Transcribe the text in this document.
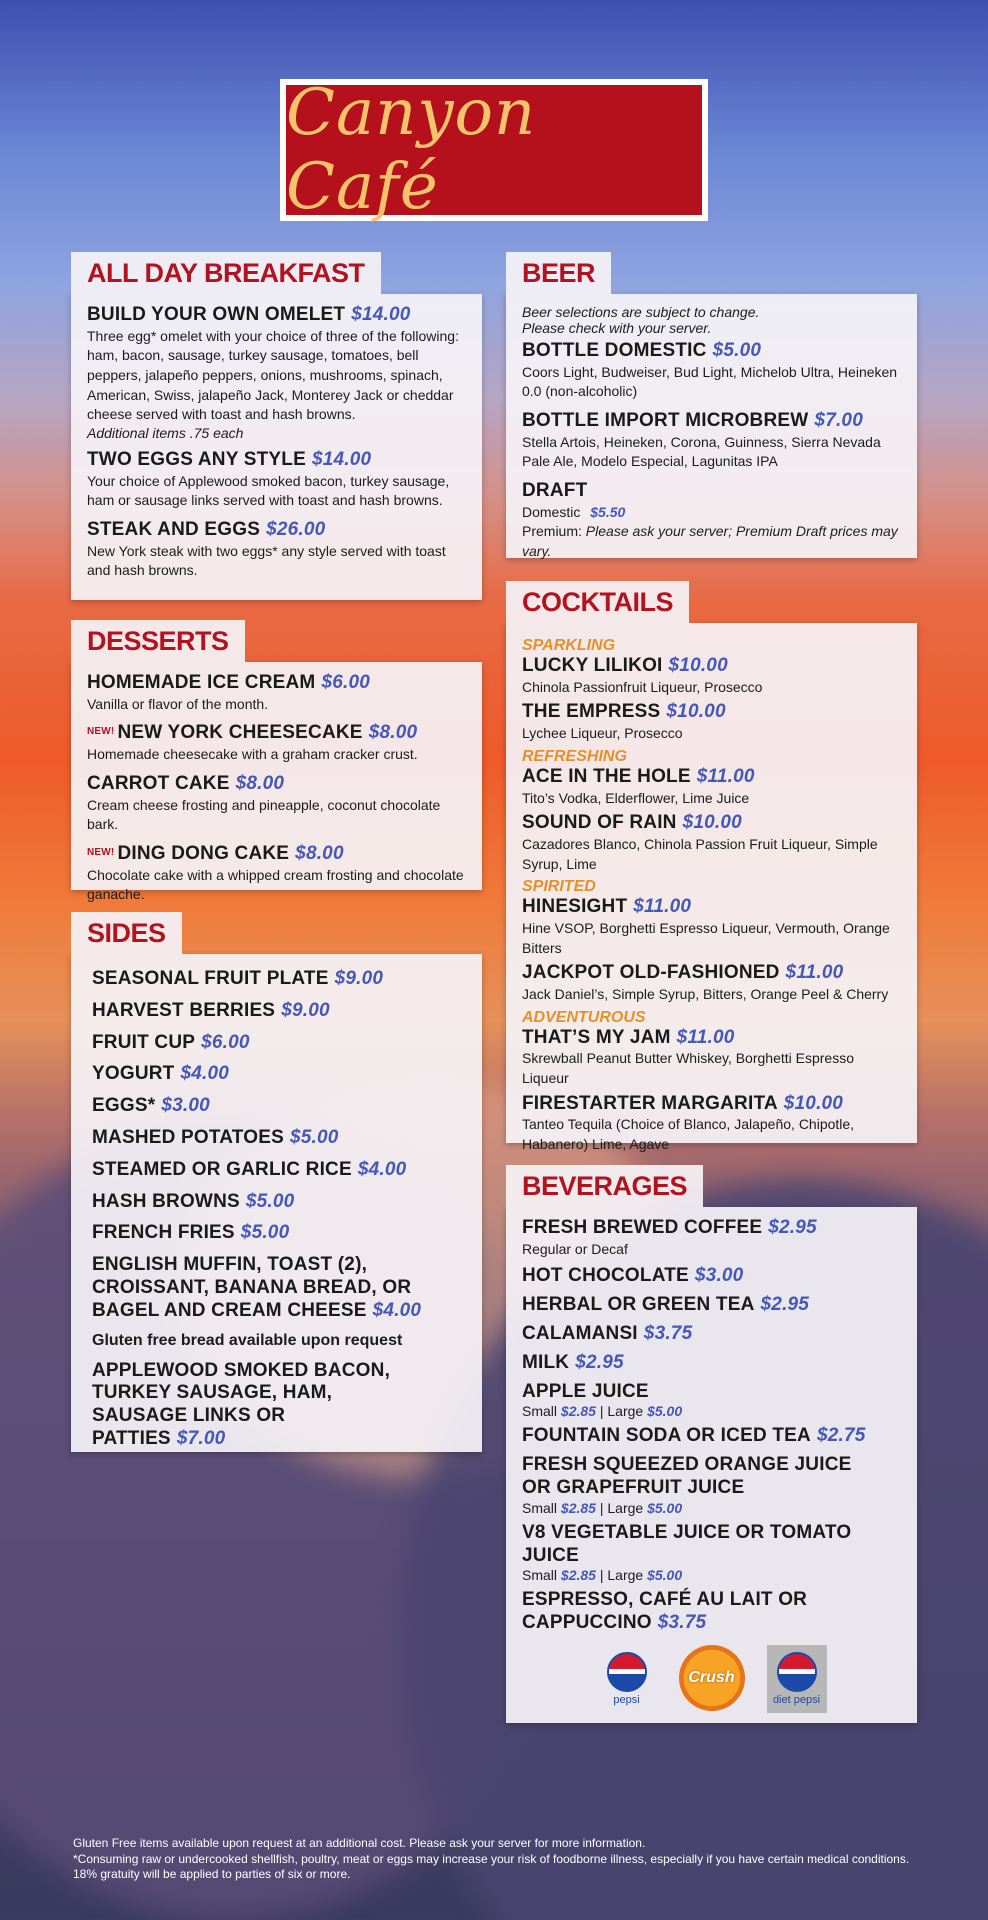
Canyon Café
ALL DAY BREAKFAST
BUILD YOUR OWN OMELET $14.00
Three egg* omelet with your choice of three of the following: ham, bacon, sausage, turkey sausage, tomatoes, bell peppers, jalapeño peppers, onions, mushrooms, spinach, American, Swiss, jalapeño Jack, Monterey Jack or cheddar cheese served with toast and hash browns.
Additional items .75 each
TWO EGGS ANY STYLE $14.00
Your choice of Applewood smoked bacon, turkey sausage, ham or sausage links served with toast and hash browns.
STEAK AND EGGS $26.00
New York steak with two eggs* any style served with toast and hash browns.
DESSERTS
HOMEMADE ICE CREAM $6.00
Vanilla or flavor of the month.
$^{NEW!}$ NEW YORK CHEESECAKE $8.00
Homemade cheesecake with a graham cracker crust.
CARROT CAKE $8.00
Cream cheese frosting and pineapple, coconut chocolate bark.
$^{NEW!}$ DING DONG CAKE $8.00
Chocolate cake with a whipped cream frosting and chocolate ganache.
SIDES
SEASONAL FRUIT PLATE $9.00
HARVEST BERRIES $9.00
FRUIT CUP $6.00
YOGURT $4.00
EGGS* $3.00
MASHED POTATOES $5.00
STEAMED OR GARLIC RICE $4.00
HASH BROWNS $5.00
FRENCH FRIES $5.00
ENGLISH MUFFIN, TOAST (2), CROISSANT, BANANA BREAD, OR BAGEL AND CREAM CHEESE $4.00
Gluten free bread available upon request
APPLEWOOD SMOKED BACON, TURKEY SAUSAGE, HAM, SAUSAGE LINKS OR PATTIES $7.00
BEER
Beer selections are subject to change.
Please check with your server.
BOTTLE DOMESTIC $5.00
Coors Light, Budweiser, Bud Light, Michelob Ultra, Heineken 0.0 (non-alcoholic)
BOTTLE IMPORT MICROBREW $7.00
Stella Artois, Heineken, Corona, Guinness, Sierra Nevada Pale Ale, Modelo Especial, Lagunitas IPA
DRAFT
Domestic $5.50
Premium: Please ask your server; Premium Draft prices may vary.
COCKTAILS
SPARKLING
LUCKY LILIKOI $10.00
Chinola Passionfruit Liqueur, Prosecco
THE EMPRESS $10.00
Lychee Liqueur, Prosecco
REFRESHING
ACE IN THE HOLE $11.00
Tito’s Vodka, Elderflower, Lime Juice
SOUND OF RAIN $10.00
Cazadores Blanco, Chinola Passion Fruit Liqueur, Simple Syrup, Lime
SPIRITED
HINESIGHT $11.00
Hine VSOP, Borghetti Espresso Liqueur, Vermouth, Orange Bitters
JACKPOT OLD-FASHIONED $11.00
Jack Daniel’s, Simple Syrup, Bitters, Orange Peel & Cherry
ADVENTUROUS
THAT’S MY JAM $11.00
Skrewball Peanut Butter Whiskey, Borghetti Espresso Liqueur
FIRESTARTER MARGARITA $10.00
Tanteo Tequila (Choice of Blanco, Jalapeño, Chipotle, Habanero) Lime, Agave
BEVERAGES
FRESH BREWED COFFEE $2.95
Regular or Decaf
HOT CHOCOLATE $3.00
HERBAL OR GREEN TEA $2.95
CALAMANSI $3.75
MILK $2.95
APPLE JUICE
Small $2.85 | Large $5.00
FOUNTAIN SODA OR ICED TEA $2.75
FRESH SQUEEZED ORANGE JUICE OR GRAPEFRUIT JUICE
Small $2.85 | Large $5.00
V8 VEGETABLE JUICE OR TOMATO JUICE
Small $2.85 | Large $5.00
ESPRESSO, CAFÉ AU LAIT OR CAPPUCCINO $3.75
pepsi
Crush
diet pepsi
Gluten Free items available upon request at an additional cost. Please ask your server for more information.
*Consuming raw or undercooked shellfish, poultry, meat or eggs may increase your risk of foodborne illness, especially if you have certain medical conditions.
18% gratuity will be applied to parties of six or more.
